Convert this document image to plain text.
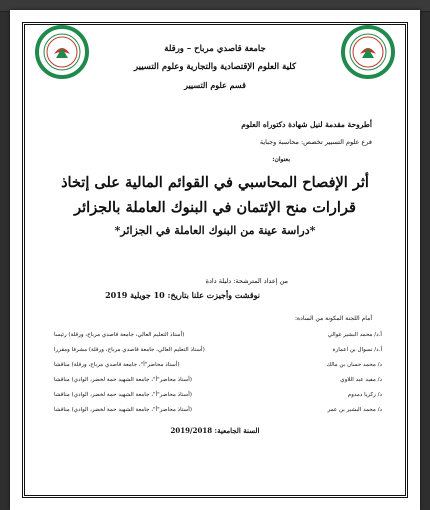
جامعة قاصدي مرباح – ورقلة
كلية العلوم الإقتصادية والتجارية وعلوم التسيير
قسم علوم التسيير
أطروحة مقدمة لنيل شهادة دكتوراه العلوم
فرع علوم التسيير تخصص: محاسبة وجباية
بعنوان:
أثر الإفصاح المحاسبي في القوائم المالية على إتخاذ
قرارات منح الإئتمان في البنوك العاملة بالجزائر
*دراسة عينة من البنوك العاملة في الجزائر*
من إعداد المترشحة: دليلة دادة
نوقشت وأجيزت علنا بتاريخ: 10 جويلية 2019
أمام اللجنة المكونة من السادة:
أ.د/ محمد البشير غوالي
(أستاذ التعليم العالي، جامعة قاصدي مرباح، ورقلة) رئيسا
أ.د/ نسوال بن اعمارة
(أستاذ التعليم العالي، جامعة قاصدي مرباح، ورقلة) مشرفا ومقررا
د/ محمد حسان بن مالك
(أستاذ محاضر"أ"، جامعة قاصدي مرباح، ورقلة) مناقشا
د/ مفيد عبد اللاوي
(أستاذ محاضر"أ"، جامعة الشهيد حمة لخضر، الوادي) مناقشا
د/ زكريا دمدوم
(أستاذ محاضر"أ"، جامعة الشهيد حمة لخضر، الوادي) مناقشا
د/ محمد البشير بن عمر
(أستاذ محاضر"أ"، جامعة الشهيد حمة لخضر، الوادي) مناقشا
السنة الجامعية: 2019/2018
